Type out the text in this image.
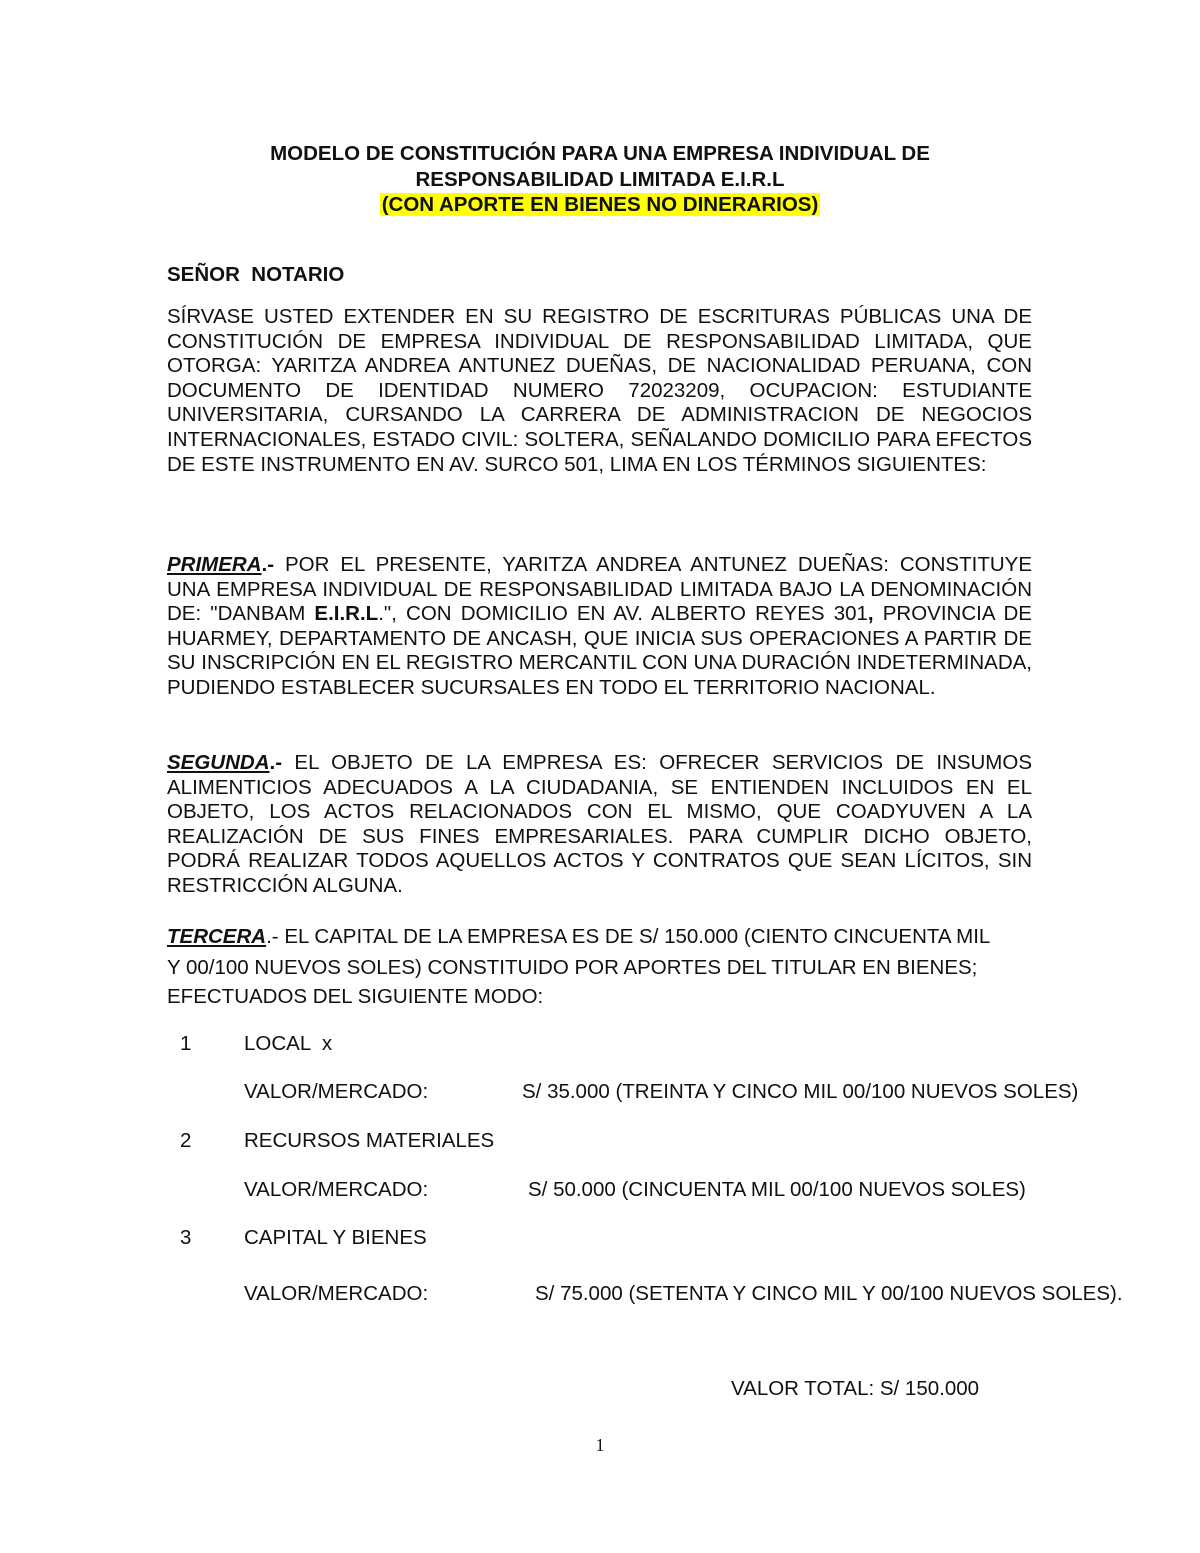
MODELO DE CONSTITUCIÓN PARA UNA EMPRESA INDIVIDUAL DE
RESPONSABILIDAD LIMITADA E.I.R.L
(CON APORTE EN BIENES NO DINERARIOS)
SEÑOR  NOTARIO

SÍRVASE USTED EXTENDER EN SU REGISTRO DE ESCRITURAS PÚBLICAS UNA DE CONSTITUCIÓN DE EMPRESA INDIVIDUAL DE RESPONSABILIDAD LIMITADA, QUE OTORGA: YARITZA ANDREA ANTUNEZ DUEÑAS, DE NACIONALIDAD PERUANA, CON DOCUMENTO DE IDENTIDAD NUMERO 72023209, OCUPACION: ESTUDIANTE UNIVERSITARIA, CURSANDO LA CARRERA DE ADMINISTRACION DE NEGOCIOS INTERNACIONALES, ESTADO CIVIL: SOLTERA, SEÑALANDO DOMICILIO PARA EFECTOS DE ESTE INSTRUMENTO EN AV. SURCO 501, LIMA EN LOS TÉRMINOS SIGUIENTES:

PRIMERA.- POR EL PRESENTE, YARITZA ANDREA ANTUNEZ DUEÑAS: CONSTITUYE UNA EMPRESA INDIVIDUAL DE RESPONSABILIDAD LIMITADA BAJO LA DENOMINACIÓN DE: "DANBAM E.I.R.L.", CON DOMICILIO EN AV. ALBERTO REYES 301, PROVINCIA DE HUARMEY, DEPARTAMENTO DE ANCASH, QUE INICIA SUS OPERACIONES A PARTIR DE SU INSCRIPCIÓN EN EL REGISTRO MERCANTIL CON UNA DURACIÓN INDETERMINADA, PUDIENDO ESTABLECER SUCURSALES EN TODO EL TERRITORIO NACIONAL.

SEGUNDA.- EL OBJETO DE LA EMPRESA ES: OFRECER SERVICIOS DE INSUMOS ALIMENTICIOS ADECUADOS A LA CIUDADANIA, SE ENTIENDEN INCLUIDOS EN EL OBJETO, LOS ACTOS RELACIONADOS CON EL MISMO, QUE COADYUVEN A LA REALIZACIÓN DE SUS FINES EMPRESARIALES. PARA CUMPLIR DICHO OBJETO, PODRÁ REALIZAR TODOS AQUELLOS ACTOS Y CONTRATOS QUE SEAN LÍCITOS, SIN RESTRICCIÓN ALGUNA.

TERCERA.- EL CAPITAL DE LA EMPRESA ES DE S/ 150.000 (CIENTO CINCUENTA MIL
Y 00/100 NUEVOS SOLES) CONSTITUIDO POR APORTES DEL TITULAR EN BIENES;
EFECTUADOS DEL SIGUIENTE MODO:
1	LOCAL  x
VALOR/MERCADO:	S/ 35.000 (TREINTA Y CINCO MIL 00/100 NUEVOS SOLES)
2	RECURSOS MATERIALES
VALOR/MERCADO:	S/ 50.000 (CINCUENTA MIL 00/100 NUEVOS SOLES)
3	CAPITAL Y BIENES
VALOR/MERCADO:	S/ 75.000 (SETENTA Y CINCO MIL Y 00/100 NUEVOS SOLES).
VALOR TOTAL: S/ 150.000
1
